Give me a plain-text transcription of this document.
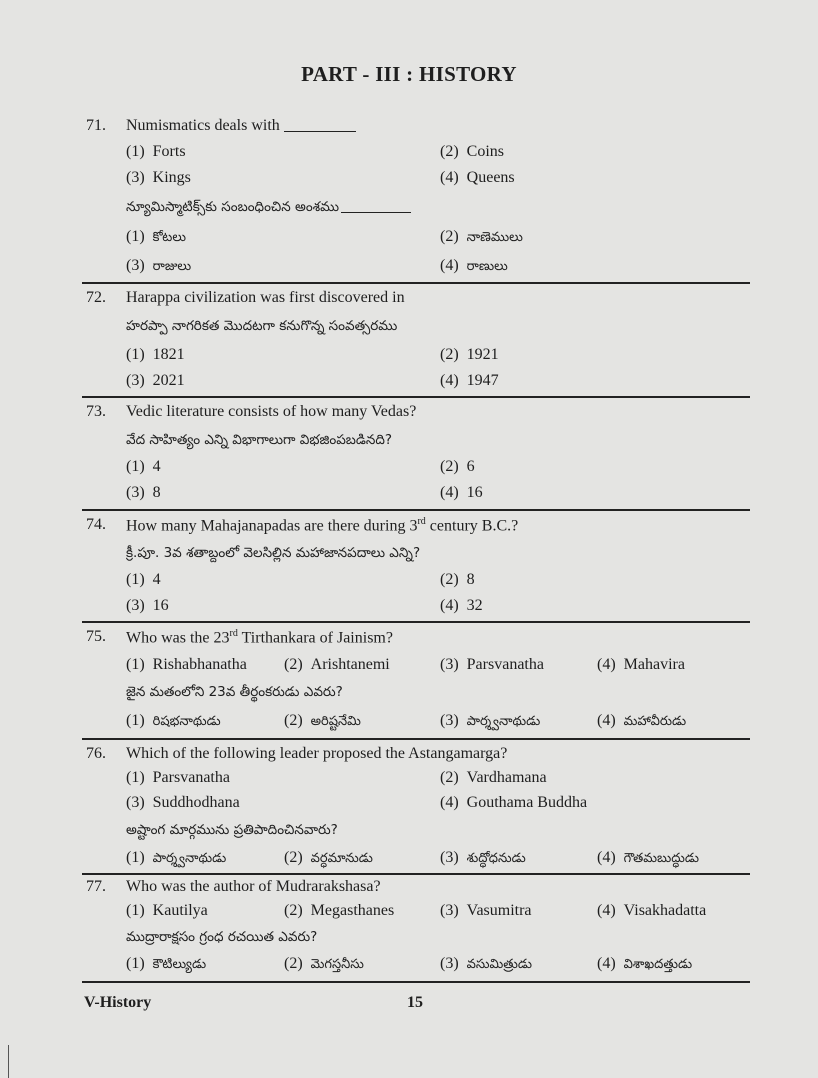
PART - III : HISTORY
71. Numismatics deals with
(1) Forts	(2) Coins
(3) Kings	(4) Queens
న్యూమిస్మాటిక్స్‌కు సంబంధించిన అంశము
(1) కోటలు	(2) నాణెములు
(3) రాజులు	(4) రాణులు
72. Harappa civilization was first discovered in
హరప్పా నాగరికత మొదటగా కనుగొన్న సంవత్సరము
(1) 1821	(2) 1921
(3) 2021	(4) 1947
73. Vedic literature consists of how many Vedas?
వేద సాహిత్యం ఎన్ని విభాగాలుగా విభజింపబడినది?
(1) 4	(2) 6
(3) 8	(4) 16
74. How many Mahajanapadas are there during 3rd century B.C.?
క్రీ.పూ. 3వ శతాబ్దంలో వెలసిల్లిన మహాజానపదాలు ఎన్ని?
(1) 4	(2) 8
(3) 16	(4) 32
75. Who was the 23rd Tirthankara of Jainism?
(1) Rishabhanatha (2) Arishtanemi	(3) Parsvanatha	(4) Mahavira
జైన మతంలోని 23వ తీర్థంకరుడు ఎవరు?
(1) రిషభనాథుడు	(2) అరిష్టనేమి	(3) పార్శ్వనాథుడు	(4) మహావీరుడు
76. Which of the following leader proposed the Astangamarga?
(1) Parsvanatha	(2) Vardhamana
(3) Suddhodhana	(4) Gouthama Buddha
అష్టాంగ మార్గమును ప్రతిపాదించినవారు?
(1) పార్శ్వనాథుడు	(2) వర్ధమానుడు	(3) శుద్ధోధనుడు	(4) గౌతమబుద్ధుడు
77. Who was the author of Mudrarakshasa?
(1) Kautilya	(2) Megasthanes	(3) Vasumitra	(4) Visakhadatta
ముద్రారాక్షసం గ్రంధ రచయిత ఎవరు?
(1) కౌటిల్యుడు	(2) మెగస్తనీసు	(3) వసుమిత్రుడు	(4) విశాఖదత్తుడు
V-History	15
